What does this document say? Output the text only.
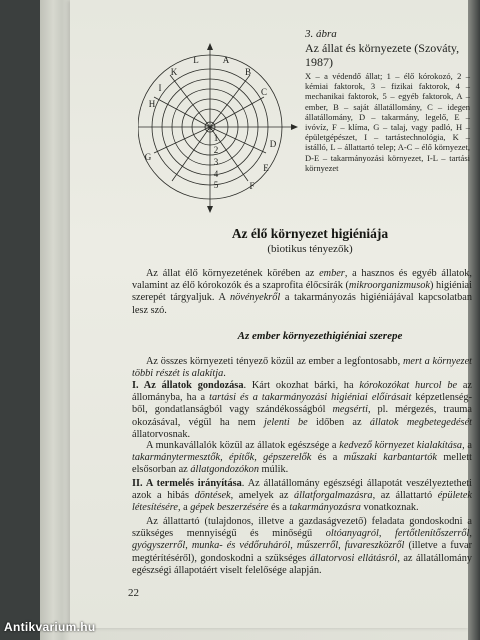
A
B
C
D
E
F
G
H
I
K
L
1
2
3
4
5
X
3. ábra
Az állat és környezete (Szováty, 1987)
X – a védendő állat; 1 – élő kórokozó, 2 – kémiai faktorok, 3 – fizikai faktorok, 4 – mechanikai faktorok, 5 – egyéb faktorok, A – ember, B – saját állatállomány, C – idegen állatállomány, D – takarmány, legelő, E – ivóvíz, F – klíma, G – talaj, vagy padló, H – épületgépészet, I – tartástechnológia, K – istálló, L – állattartó telep; A-C – élő környezet, D-E – takarmányozási környezet, I-L – tartási környezet
Az élő környezet higiéniája
(biotikus tényezők)
Az állat élő környezetének körében az ember, a hasznos és egyéb állatok, valamint az élő kórokozók és a szaprofita élőcsírák (mikroorganizmusok) higiéniai szerepét tárgyaljuk. A növényekről a takarmányozás higiéniájával kapcsolatban lesz szó.
Az ember környezethigiéniai szerepe
Az összes környezeti tényező közül az ember a legfontosabb, mert a környezet többi részét is alakítja.
I. Az állatok gondozása. Kárt okozhat bárki, ha kórokozókat hurcol be az állományba, ha a tartási és a takarmányozási higiéniai előírásait képzetlenség-ből, gondatlanságból vagy szándékosságból megsérti, pl. mérgezés, trauma okozásával, végül ha nem jelenti be időben az állatok megbetegedését állatorvosnak.
A munkavállalók közül az állatok egészsége a kedvező környezet kialakítása, a takarmánytermesztők, építők, gépszerelők és a műszaki karbantartók mellett elsősorban az állatgondozókon múlik.
II. A termelés irányítása. Az állatállomány egészségi állapotát veszélyeztetheti azok a hibás döntések, amelyek az állatforgalmazásra, az állattartó épületek létesítésére, a gépek beszerzésére és a takarmányozásra vonatkoznak.
Az állattartó (tulajdonos, illetve a gazdaságvezető) feladata gondoskodni a szükséges mennyiségű és minőségű oltóanyagról, fertőtlenítőszerről, gyógyszerről, munka- és védőruháról, műszerről, fuvareszközről (illetve a fuvar megtérítéséről), gondoskodni a szükséges állatorvosi ellátásról, az állatállomány egészségi állapotáért viselt felelősége alapján.
22
Antikvarium.hu
